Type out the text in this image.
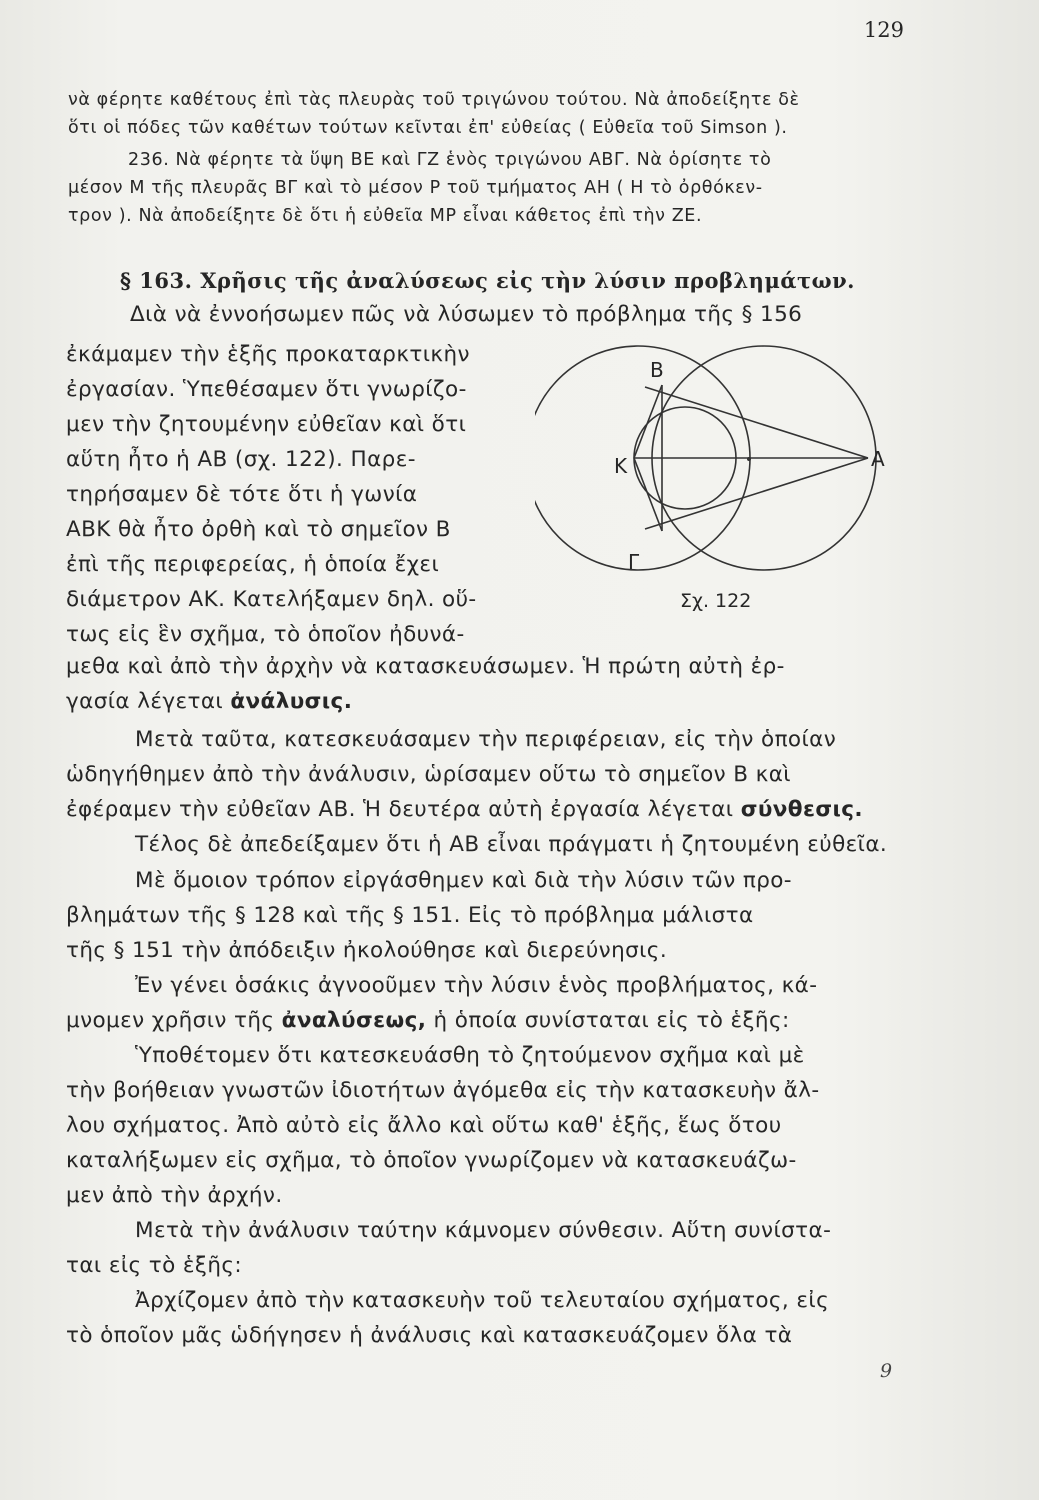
129
νὰ φέρητε καθέτους ἐπὶ τὰς πλευρὰς τοῦ τριγώνου τούτου. Νὰ ἀποδείξητε δὲ
ὅτι οἱ πόδες τῶν καθέτων τούτων κεῖνται ἐπ' εὐθείας ( Εὐθεῖα τοῦ Simson ).
236. Νὰ φέρητε τὰ ὕψη ΒΕ καὶ ΓΖ ἑνὸς τριγώνου ΑΒΓ. Νὰ ὁρίσητε τὸ
μέσον Μ τῆς πλευρᾶς ΒΓ καὶ τὸ μέσον Ρ τοῦ τμήματος ΑΗ ( Η τὸ ὀρθόκεν-
τρον ). Νὰ ἀποδείξητε δὲ ὅτι ἡ εὐθεῖα ΜΡ εἶναι κάθετος ἐπὶ τὴν ΖΕ.
§ 163. Χρῆσις τῆς ἀναλύσεως εἰς τὴν λύσιν προβλημάτων.
Διὰ νὰ ἐννοήσωμεν πῶς νὰ λύσωμεν τὸ πρόβλημα τῆς § 156
ἐκάμαμεν τὴν ἑξῆς προκαταρκτικὴν
ἐργασίαν. Ὑπεθέσαμεν ὅτι γνωρίζο-
μεν τὴν ζητουμένην εὐθεῖαν καὶ ὅτι
αὕτη ἦτο ἡ ΑΒ (σχ. 122). Παρε-
τηρήσαμεν δὲ τότε ὅτι ἡ γωνία
ΑΒΚ θὰ ἦτο ὀρθὴ καὶ τὸ σημεῖον Β
ἐπὶ τῆς περιφερείας, ἡ ὁποία ἔχει
διάμετρον ΑΚ. Κατελήξαμεν δηλ. οὕ-
τως εἰς ἓν σχῆμα, τὸ ὁποῖον ἠδυνά-
μεθα καὶ ἀπὸ τὴν ἀρχὴν νὰ κατασκευάσωμεν. Ἡ πρώτη αὐτὴ ἐρ-
γασία λέγεται ἀνάλυσις.
Β
Κ	Α
Γ
Σχ. 122
Μετὰ ταῦτα, κατεσκευάσαμεν τὴν περιφέρειαν, εἰς τὴν ὁποίαν
ὡδηγήθημεν ἀπὸ τὴν ἀνάλυσιν, ὡρίσαμεν οὕτω τὸ σημεῖον Β καὶ
ἐφέραμεν τὴν εὐθεῖαν ΑΒ. Ἡ δευτέρα αὐτὴ ἐργασία λέγεται σύνθεσις.
Τέλος δὲ ἀπεδείξαμεν ὅτι ἡ ΑΒ εἶναι πράγματι ἡ ζητουμένη εὐθεῖα.
Μὲ ὅμοιον τρόπον εἰργάσθημεν καὶ διὰ τὴν λύσιν τῶν προ-
βλημάτων τῆς § 128 καὶ τῆς § 151. Εἰς τὸ πρόβλημα μάλιστα
τῆς § 151 τὴν ἀπόδειξιν ἠκολούθησε καὶ διερεύνησις.
Ἐν γένει ὁσάκις ἀγνοοῦμεν τὴν λύσιν ἑνὸς προβλήματος, κά-
μνομεν χρῆσιν τῆς ἀναλύσεως, ἡ ὁποία συνίσταται εἰς τὸ ἑξῆς:
Ὑποθέτομεν ὅτι κατεσκευάσθη τὸ ζητούμενον σχῆμα καὶ μὲ
τὴν βοήθειαν γνωστῶν ἰδιοτήτων ἀγόμεθα εἰς τὴν κατασκευὴν ἄλ-
λου σχήματος. Ἀπὸ αὐτὸ εἰς ἄλλο καὶ οὕτω καθ' ἑξῆς, ἕως ὅτου
καταλήξωμεν εἰς σχῆμα, τὸ ὁποῖον γνωρίζομεν νὰ κατασκευάζω-
μεν ἀπὸ τὴν ἀρχήν.
Μετὰ τὴν ἀνάλυσιν ταύτην κάμνομεν σύνθεσιν. Αὕτη συνίστα-
ται εἰς τὸ ἑξῆς:
Ἀρχίζομεν ἀπὸ τὴν κατασκευὴν τοῦ τελευταίου σχήματος, εἰς
τὸ ὁποῖον μᾶς ὡδήγησεν ἡ ἀνάλυσις καὶ κατασκευάζομεν ὅλα τὰ
9
